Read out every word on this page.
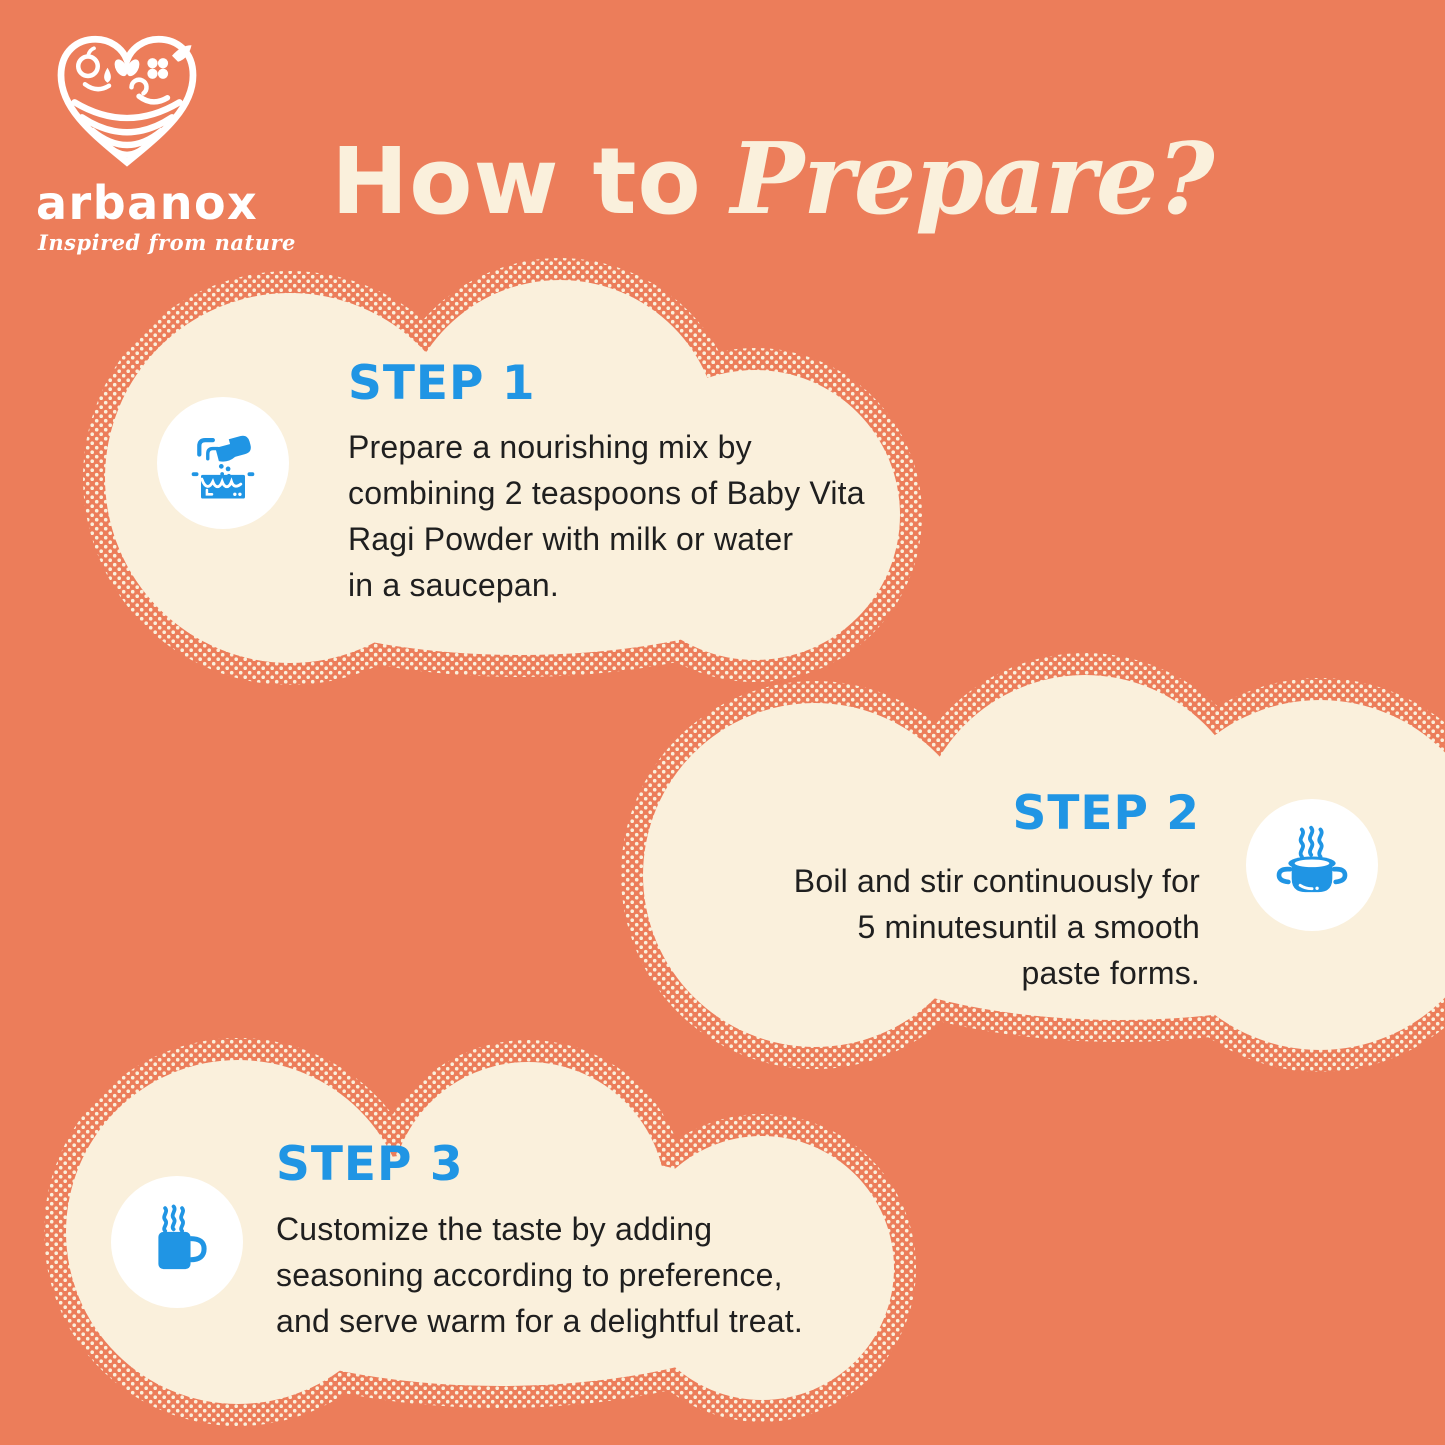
arbanox
Inspired from nature
How to Prepare?
STEP 1

Prepare a nourishing mix by
combining 2 teaspoons of Baby Vita
Ragi Powder with milk or water
in a saucepan.

STEP 2

Boil and stir continuously for
5 minutesuntil a smooth
paste forms.

STEP 3

Customize the taste by adding
seasoning according to preference,
and serve warm for a delightful treat.
